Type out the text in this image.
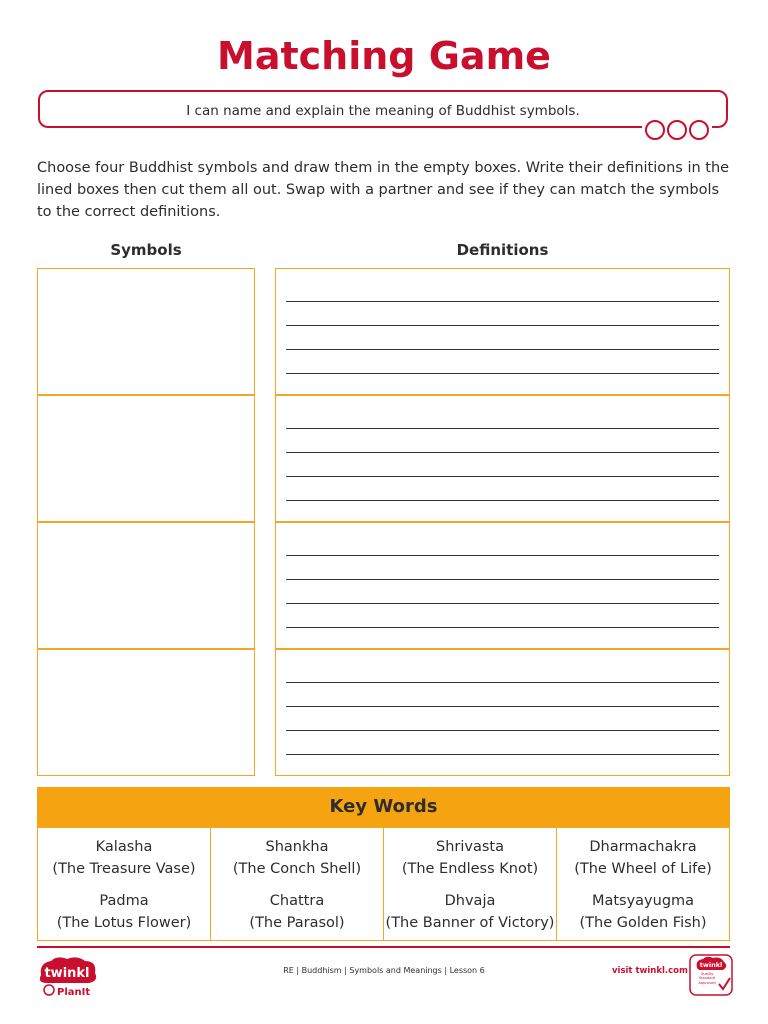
Matching Game
I can name and explain the meaning of Buddhist symbols.
Choose four Buddhist symbols and draw them in the empty boxes. Write their definitions in the lined boxes then cut them all out. Swap with a partner and see if they can match the symbols to the correct definitions.
Symbols	Definitions
Key Words
Kalasha
(The Treasure Vase)
Padma
(The Lotus Flower)
Shankha
(The Conch Shell)
Chattra
(The Parasol)
Shrivasta
(The Endless Knot)
Dhvaja
(The Banner of Victory)
Dharmachakra
(The Wheel of Life)
Matsyayugma
(The Golden Fish)
twinkl
PlanIt
RE | Buddhism | Symbols and Meanings | Lesson 6	visit twinkl.com
twinkl
Quality Standard Approved
